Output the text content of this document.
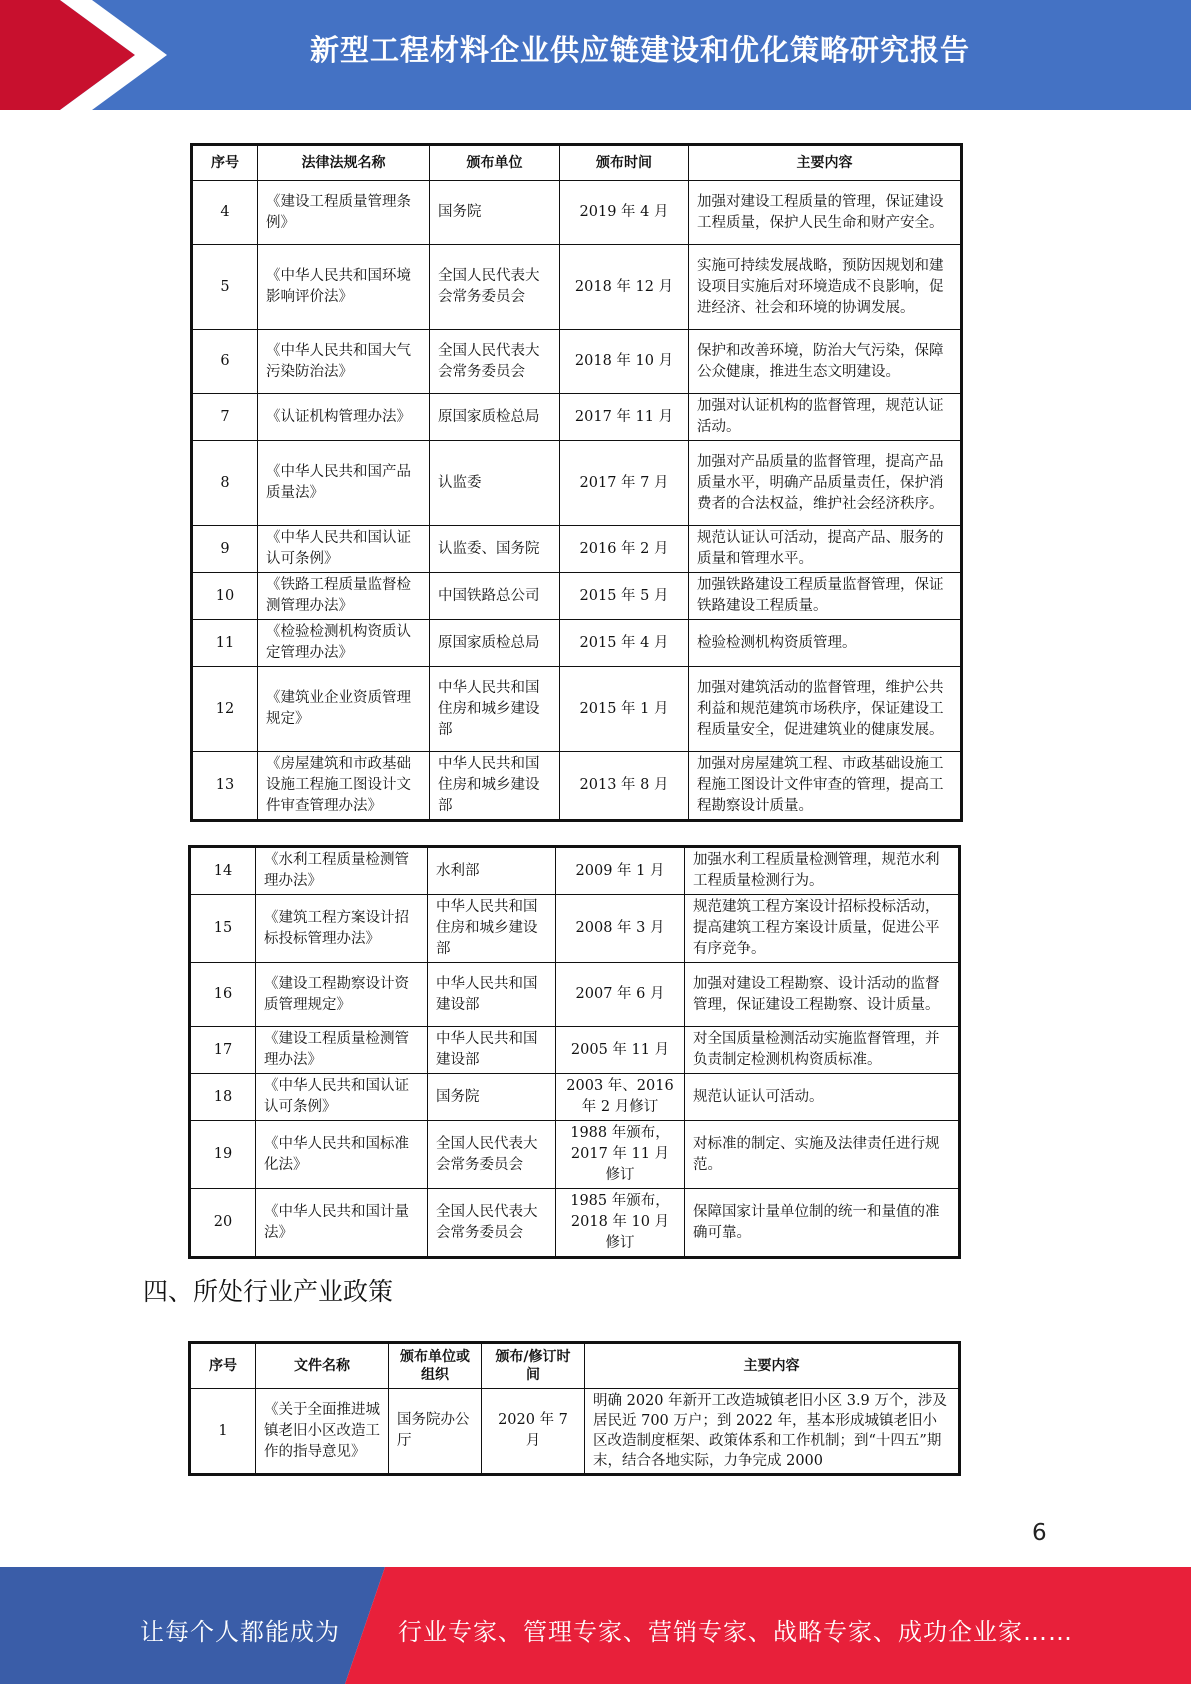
新型工程材料企业供应链建设和优化策略研究报告
序号	法律法规名称	颁布单位	颁布时间	主要内容
4	《建设工程质量管理条例》	国务院	2019 年 4 月	加强对建设工程质量的管理，保证建设工程质量，保护人民生命和财产安全。
5	《中华人民共和国环境影响评价法》	全国人民代表大会常务委员会	2018 年 12 月	实施可持续发展战略，预防因规划和建设项目实施后对环境造成不良影响，促进经济、社会和环境的协调发展。
6	《中华人民共和国大气污染防治法》	全国人民代表大会常务委员会	2018 年 10 月	保护和改善环境，防治大气污染，保障公众健康，推进生态文明建设。
7	《认证机构管理办法》	原国家质检总局	2017 年 11 月	加强对认证机构的监督管理，规范认证活动。
8	《中华人民共和国产品质量法》	认监委	2017 年 7 月	加强对产品质量的监督管理，提高产品质量水平，明确产品质量责任，保护消费者的合法权益，维护社会经济秩序。
9	《中华人民共和国认证认可条例》	认监委、国务院	2016 年 2 月	规范认证认可活动，提高产品、服务的质量和管理水平。
10	《铁路工程质量监督检测管理办法》	中国铁路总公司	2015 年 5 月	加强铁路建设工程质量监督管理，保证铁路建设工程质量。
11	《检验检测机构资质认定管理办法》	原国家质检总局	2015 年 4 月	检验检测机构资质管理。
12	《建筑业企业资质管理规定》	中华人民共和国住房和城乡建设部	2015 年 1 月	加强对建筑活动的监督管理，维护公共利益和规范建筑市场秩序，保证建设工程质量安全，促进建筑业的健康发展。
13	《房屋建筑和市政基础设施工程施工图设计文件审查管理办法》	中华人民共和国住房和城乡建设部	2013 年 8 月	加强对房屋建筑工程、市政基础设施工程施工图设计文件审查的管理，提高工程勘察设计质量。
14	《水利工程质量检测管理办法》	水利部	2009 年 1 月	加强水利工程质量检测管理，规范水利工程质量检测行为。
15	《建筑工程方案设计招标投标管理办法》	中华人民共和国住房和城乡建设部	2008 年 3 月	规范建筑工程方案设计招标投标活动，提高建筑工程方案设计质量，促进公平有序竞争。
16	《建设工程勘察设计资质管理规定》	中华人民共和国建设部	2007 年 6 月	加强对建设工程勘察、设计活动的监督管理，保证建设工程勘察、设计质量。
17	《建设工程质量检测管理办法》	中华人民共和国建设部	2005 年 11 月	对全国质量检测活动实施监督管理，并负责制定检测机构资质标准。
18	《中华人民共和国认证认可条例》	国务院	2003 年、2016 年 2 月修订	规范认证认可活动。
19	《中华人民共和国标准化法》	全国人民代表大会常务委员会	1988 年颁布，2017 年 11 月修订	对标准的制定、实施及法律责任进行规范。
20	《中华人民共和国计量法》	全国人民代表大会常务委员会	1985 年颁布，2018 年 10 月修订	保障国家计量单位制的统一和量值的准确可靠。
四、所处行业产业政策
序号	文件名称	颁布单位或组织	颁布/修订时间	主要内容
1	《关于全面推进城镇老旧小区改造工作的指导意见》	国务院办公厅	2020 年 7 月	明确 2020 年新开工改造城镇老旧小区 3.9 万个，涉及居民近 700 万户；到 2022 年，基本形成城镇老旧小区改造制度框架、政策体系和工作机制；到“十四五”期末，结合各地实际，力争完成 2000
6
让每个人都能成为 行业专家、管理专家、营销专家、战略专家、成功企业家……
